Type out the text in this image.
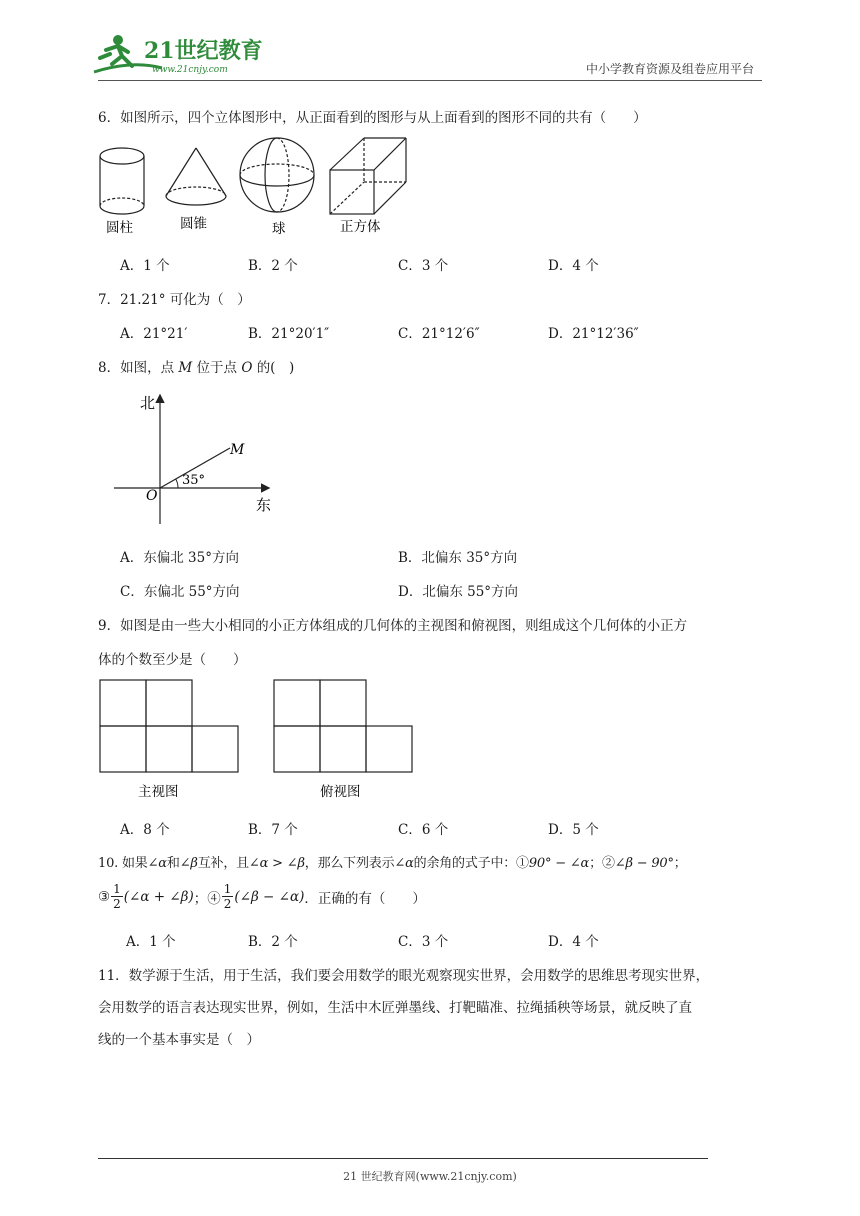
21世纪教育
www.21cnjy.com	中小学教育资源及组卷应用平台
6．如图所示，四个立体图形中，从正面看到的图形与从上面看到的图形不同的共有（　　）
圆柱	圆锥	球	正方体
A．1 个	B．2 个	C．3 个	D．4 个
7．21.21° 可化为（　）
A．21°21′	B．21°20′1″	C．21°12′6″	D．21°12′36″
8．如图，点 M 位于点 O 的(　)
北
东
O
M
35°
A．东偏北 35°方向	B．北偏东 35°方向
C．东偏北 55°方向	D．北偏东 55°方向
9．如图是由一些大小相同的小正方体组成的几何体的主视图和俯视图，则组成这个几何体的小正方
体的个数至少是（　　）
主视图	俯视图
A．8 个	B．7 个	C．6 个	D．5 个
10. 如果∠α和∠β互补，且∠α > ∠β，那么下列表示∠α的余角的式子中：①90° − ∠α；②∠β − 90°；
③ $\frac{1}{2}$ (∠α + ∠β) ；④ $\frac{1}{2}$ (∠β − ∠α) ．正确的有（　　）
A．1 个	B．2 个	C．3 个	D．4 个
11．数学源于生活，用于生活，我们要会用数学的眼光观察现实世界，会用数学的思维思考现实世界，
会用数学的语言表达现实世界，例如，生活中木匠弹墨线、打靶瞄准、拉绳插秧等场景，就反映了直
线的一个基本事实是（　）
21 世纪教育网(www.21cnjy.com)
